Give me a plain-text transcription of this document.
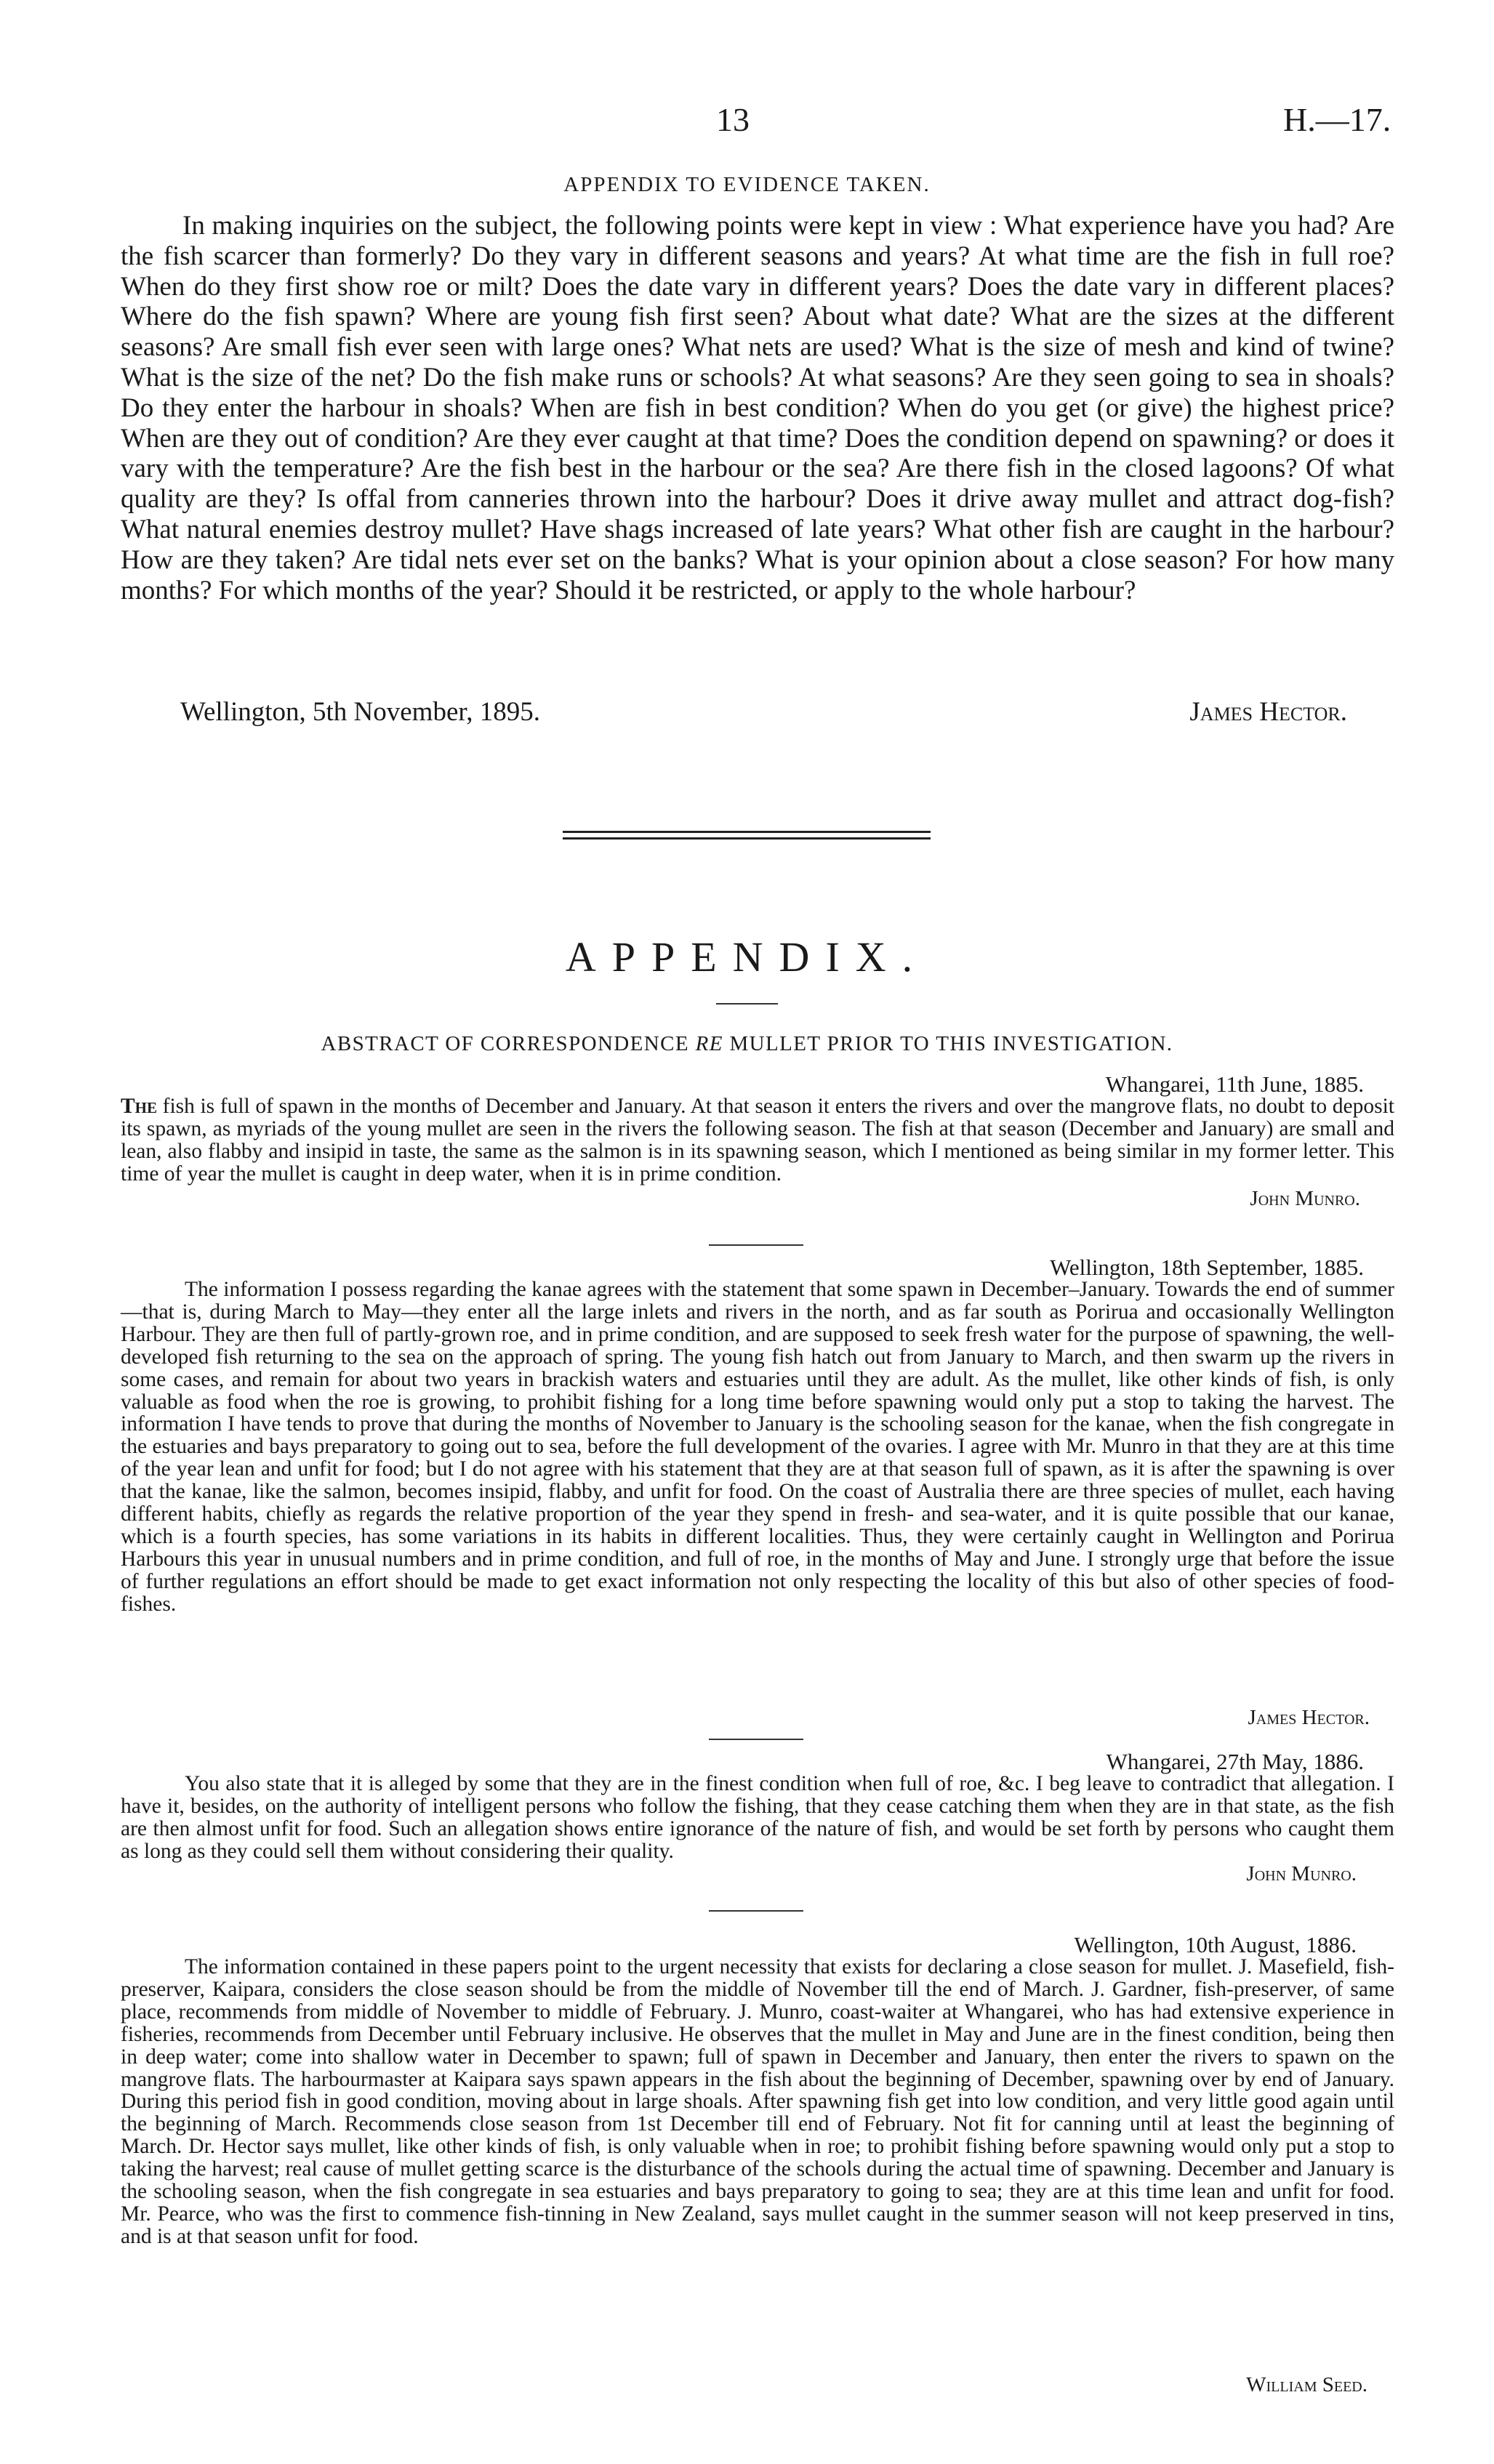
13	H.—17.
APPENDIX TO EVIDENCE TAKEN.

In making inquiries on the subject, the following points were kept in view : What experience have you had? Are the fish scarcer than formerly? Do they vary in different seasons and years? At what time are the fish in full roe? When do they first show roe or milt? Does the date vary in different years? Does the date vary in different places? Where do the fish spawn? Where are young fish first seen? About what date? What are the sizes at the different seasons? Are small fish ever seen with large ones? What nets are used? What is the size of mesh and kind of twine? What is the size of the net? Do the fish make runs or schools? At what seasons? Are they seen going to sea in shoals? Do they enter the harbour in shoals? When are fish in best condition? When do you get (or give) the highest price? When are they out of condition? Are they ever caught at that time? Does the condition depend on spawning? or does it vary with the temperature? Are the fish best in the harbour or the sea? Are there fish in the closed lagoons? Of what quality are they? Is offal from canneries thrown into the harbour? Does it drive away mullet and attract dog-fish? What natural enemies destroy mullet? Have shags increased of late years? What other fish are caught in the harbour? How are they taken? Are tidal nets ever set on the banks? What is your opinion about a close season? For how many months? For which months of the year? Should it be restricted, or apply to the whole harbour?

Wellington, 5th November, 1895.	James Hector.
APPENDIX.
ABSTRACT OF CORRESPONDENCE RE MULLET PRIOR TO THIS INVESTIGATION.
Whangarei, 11th June, 1885.

The fish is full of spawn in the months of December and January. At that season it enters the rivers and over the mangrove flats, no doubt to deposit its spawn, as myriads of the young mullet are seen in the rivers the following season. The fish at that season (December and January) are small and lean, also flabby and insipid in taste, the same as the salmon is in its spawning season, which I mentioned as being similar in my former letter. This time of year the mullet is caught in deep water, when it is in prime condition.

John Munro.
Wellington, 18th September, 1885.

The information I possess regarding the kanae agrees with the statement that some spawn in December–January. Towards the end of summer—that is, during March to May—they enter all the large inlets and rivers in the north, and as far south as Porirua and occasionally Wellington Harbour. They are then full of partly-grown roe, and in prime condition, and are supposed to seek fresh water for the purpose of spawning, the well-developed fish returning to the sea on the approach of spring. The young fish hatch out from January to March, and then swarm up the rivers in some cases, and remain for about two years in brackish waters and estuaries until they are adult. As the mullet, like other kinds of fish, is only valuable as food when the roe is growing, to prohibit fishing for a long time before spawning would only put a stop to taking the harvest. The information I have tends to prove that during the months of November to January is the schooling season for the kanae, when the fish congregate in the estuaries and bays preparatory to going out to sea, before the full development of the ovaries. I agree with Mr. Munro in that they are at this time of the year lean and unfit for food; but I do not agree with his statement that they are at that season full of spawn, as it is after the spawning is over that the kanae, like the salmon, becomes insipid, flabby, and unfit for food. On the coast of Australia there are three species of mullet, each having different habits, chiefly as regards the relative proportion of the year they spend in fresh- and sea-water, and it is quite possible that our kanae, which is a fourth species, has some variations in its habits in different localities. Thus, they were certainly caught in Wellington and Porirua Harbours this year in unusual numbers and in prime condition, and full of roe, in the months of May and June. I strongly urge that before the issue of further regulations an effort should be made to get exact information not only respecting the locality of this but also of other species of food-fishes.

James Hector.
Whangarei, 27th May, 1886.

You also state that it is alleged by some that they are in the finest condition when full of roe, &c. I beg leave to contradict that allegation. I have it, besides, on the authority of intelligent persons who follow the fishing, that they cease catching them when they are in that state, as the fish are then almost unfit for food. Such an allegation shows entire ignorance of the nature of fish, and would be set forth by persons who caught them as long as they could sell them without considering their quality.

John Munro.
Wellington, 10th August, 1886.

The information contained in these papers point to the urgent necessity that exists for declaring a close season for mullet. J. Masefield, fish-preserver, Kaipara, considers the close season should be from the middle of November till the end of March. J. Gardner, fish-preserver, of same place, recommends from middle of November to middle of February. J. Munro, coast-waiter at Whangarei, who has had extensive experience in fisheries, recommends from December until February inclusive. He observes that the mullet in May and June are in the finest condition, being then in deep water; come into shallow water in December to spawn; full of spawn in December and January, then enter the rivers to spawn on the mangrove flats. The harbourmaster at Kaipara says spawn appears in the fish about the beginning of December, spawning over by end of January. During this period fish in good condition, moving about in large shoals. After spawning fish get into low condition, and very little good again until the beginning of March. Recommends close season from 1st December till end of February. Not fit for canning until at least the beginning of March. Dr. Hector says mullet, like other kinds of fish, is only valuable when in roe; to prohibit fishing before spawning would only put a stop to taking the harvest; real cause of mullet getting scarce is the disturbance of the schools during the actual time of spawning. December and January is the schooling season, when the fish congregate in sea estuaries and bays preparatory to going to sea; they are at this time lean and unfit for food. Mr. Pearce, who was the first to commence fish-tinning in New Zealand, says mullet caught in the summer season will not keep preserved in tins, and is at that season unfit for food.

William Seed.
